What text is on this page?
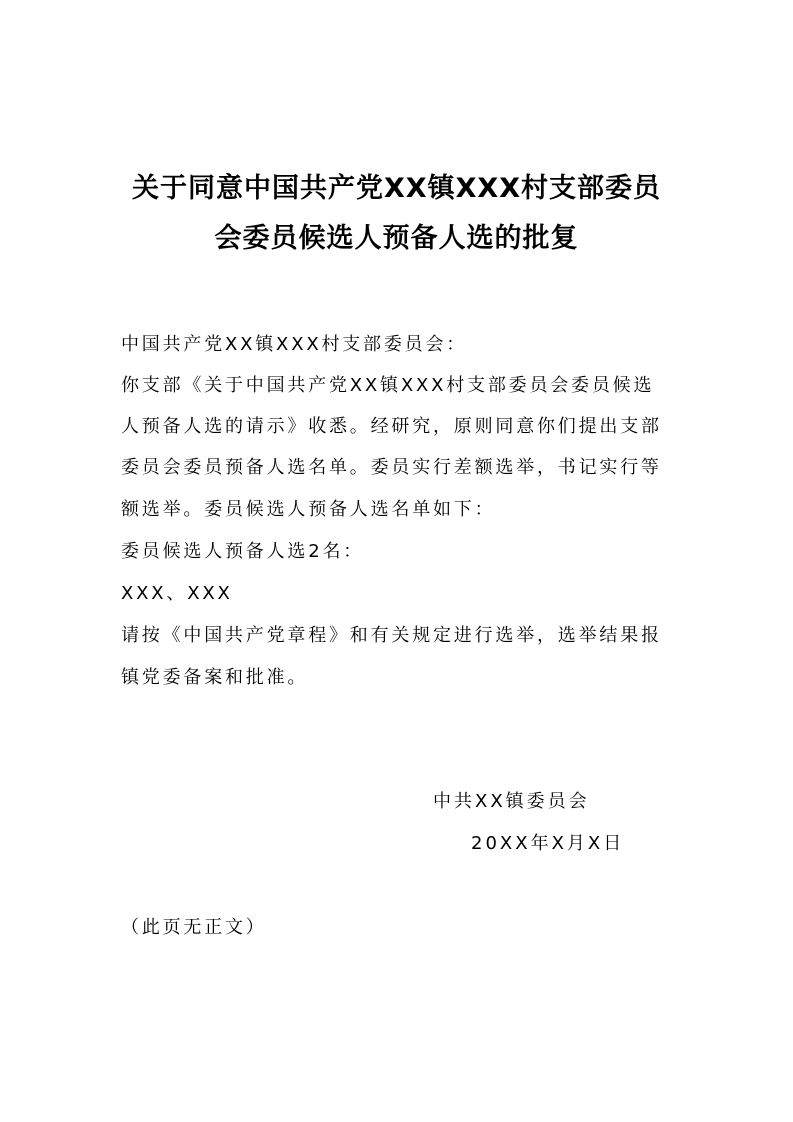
关于同意中国共产党XX镇XXX村支部委员
会委员候选人预备人选的批复
中国共产党XX镇XXX村支部委员会：
你支部《关于中国共产党XX镇XXX村支部委员会委员候选
人预备人选的请示》收悉。经研究，原则同意你们提出支部
委员会委员预备人选名单。委员实行差额选举，书记实行等
额选举。委员候选人预备人选名单如下：
委员候选人预备人选2名：
XXX、XXX
请按《中国共产党章程》和有关规定进行选举，选举结果报
镇党委备案和批准。
中共XX镇委员会
20XX年X月X日
（此页无正文）
